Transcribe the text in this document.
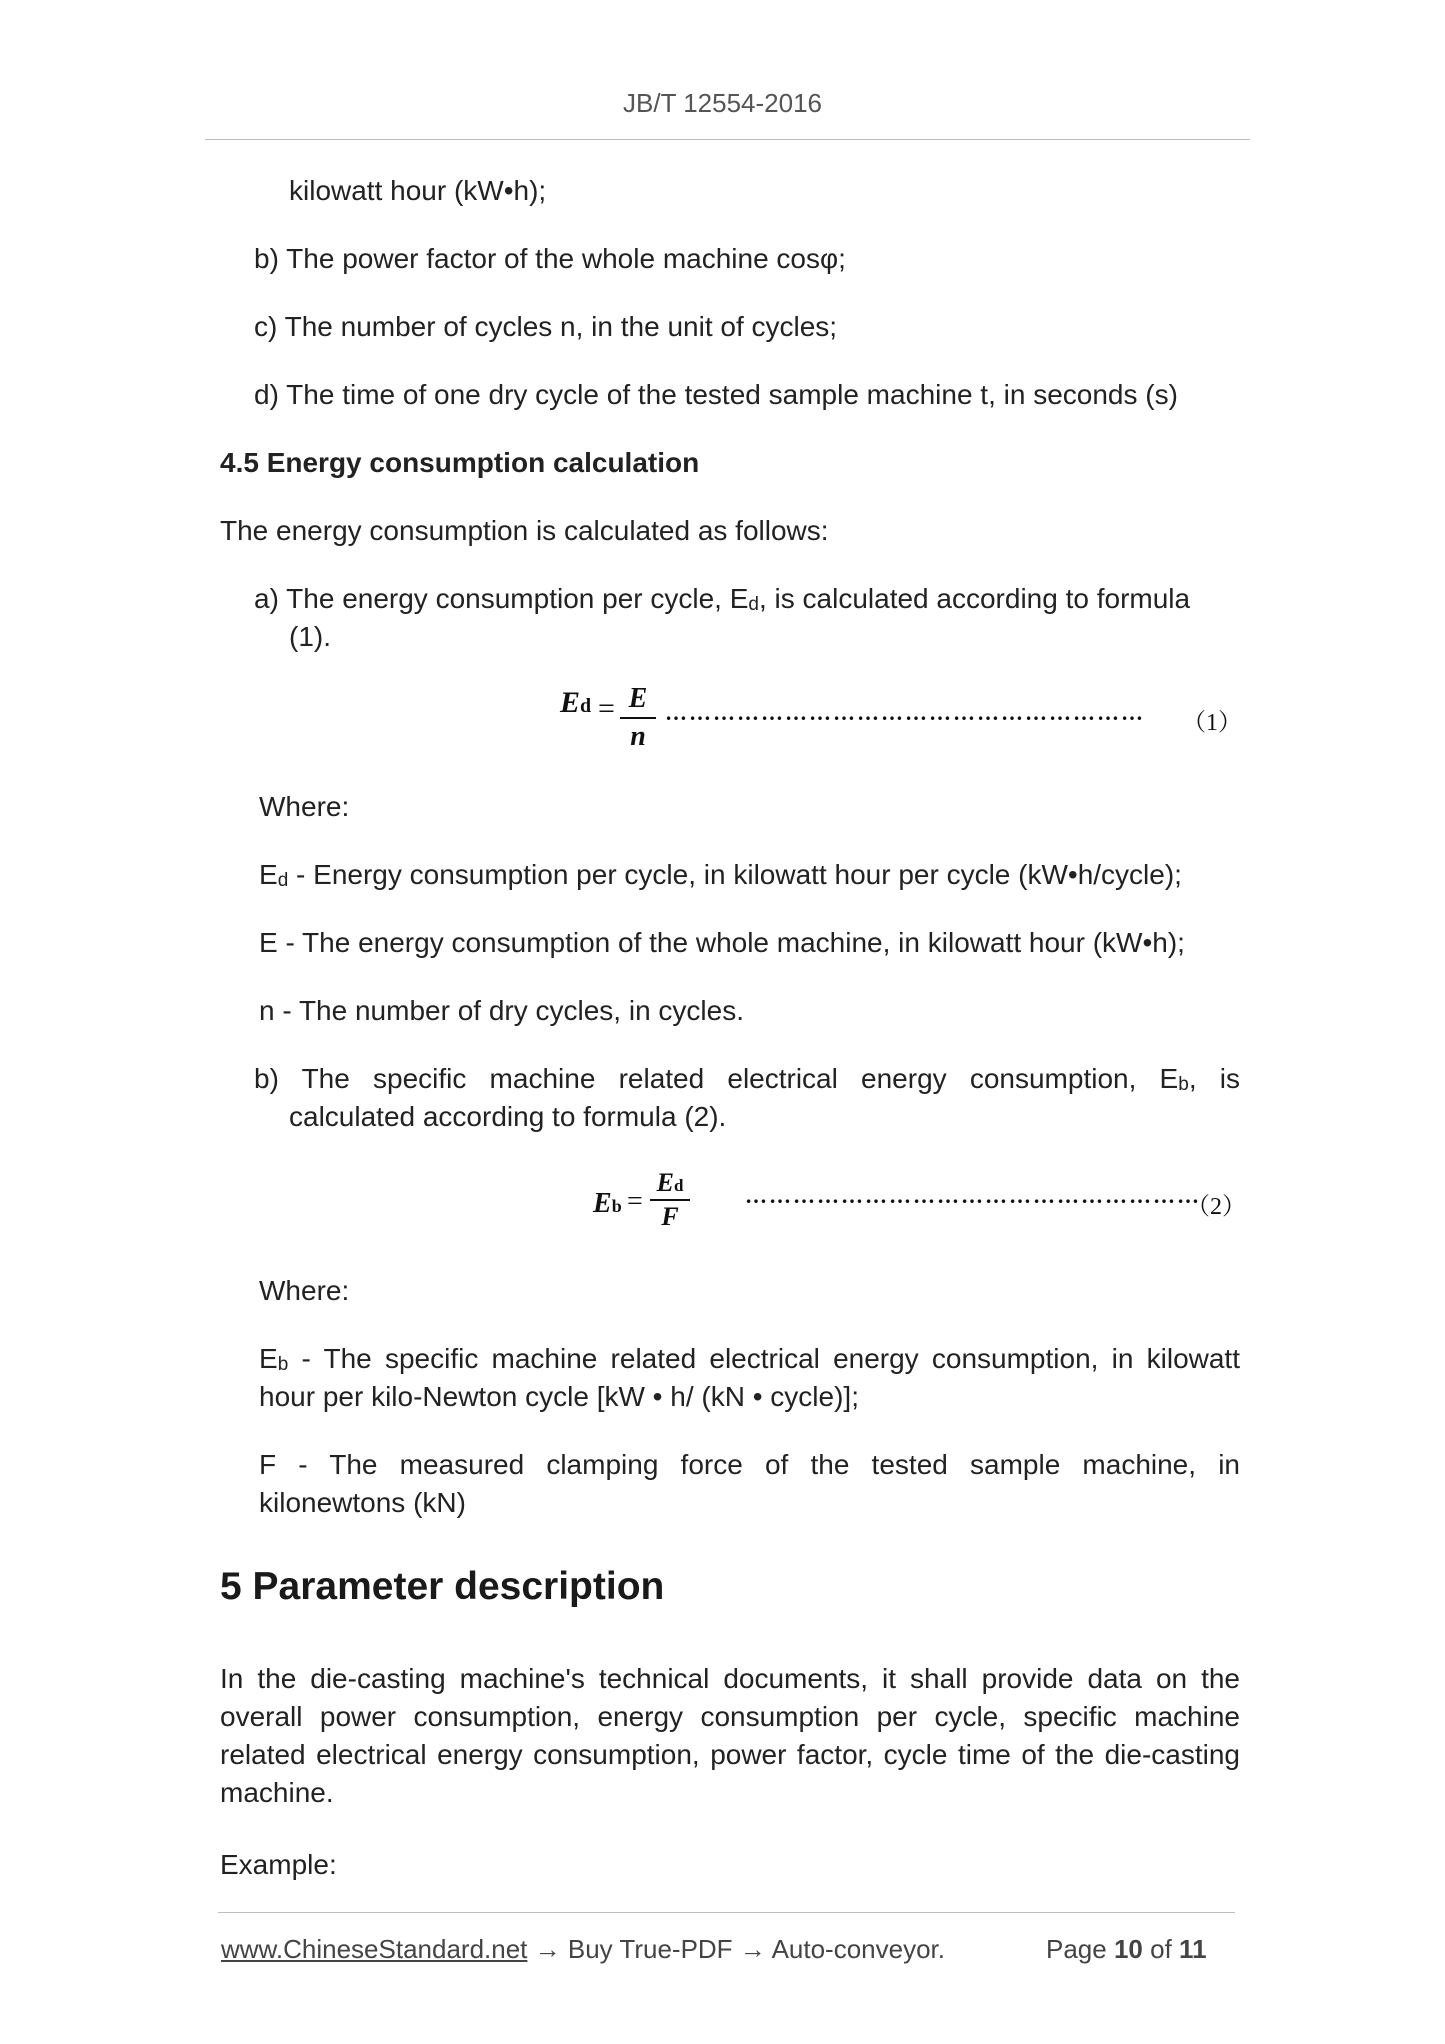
JB/T 12554-2016
kilowatt hour (kW•h);
b) The power factor of the whole machine cosφ;
c) The number of cycles n, in the unit of cycles;
d) The time of one dry cycle of the tested sample machine t, in seconds (s)
4.5 Energy consumption calculation
The energy consumption is calculated as follows:
a) The energy consumption per cycle, Ed, is calculated according to formula
(1).
Ed = E
n
…………………………………………………… （1）
Where:
Ed - Energy consumption per cycle, in kilowatt hour per cycle (kW•h/cycle);
E - The energy consumption of the whole machine, in kilowatt hour (kW•h);
n - The number of dry cycles, in cycles.
b) The specific machine related electrical energy consumption, Eb, is
calculated according to formula (2).
Eb =
Ed
F
…………………………………………………
（2）
Where:
Eb - The specific machine related electrical energy consumption, in kilowatt
hour per kilo-Newton cycle [kW • h/ (kN • cycle)];
F - The measured clamping force of the tested sample machine, in
kilonewtons (kN)
5 Parameter description
In the die-casting machine's technical documents, it shall provide data on the overall power consumption, energy consumption per cycle, specific machine related electrical energy consumption, power factor, cycle time of the die-casting machine.
Example:
www.ChineseStandard.net → Buy True-PDF → Auto-conveyor.	Page 10 of 11
